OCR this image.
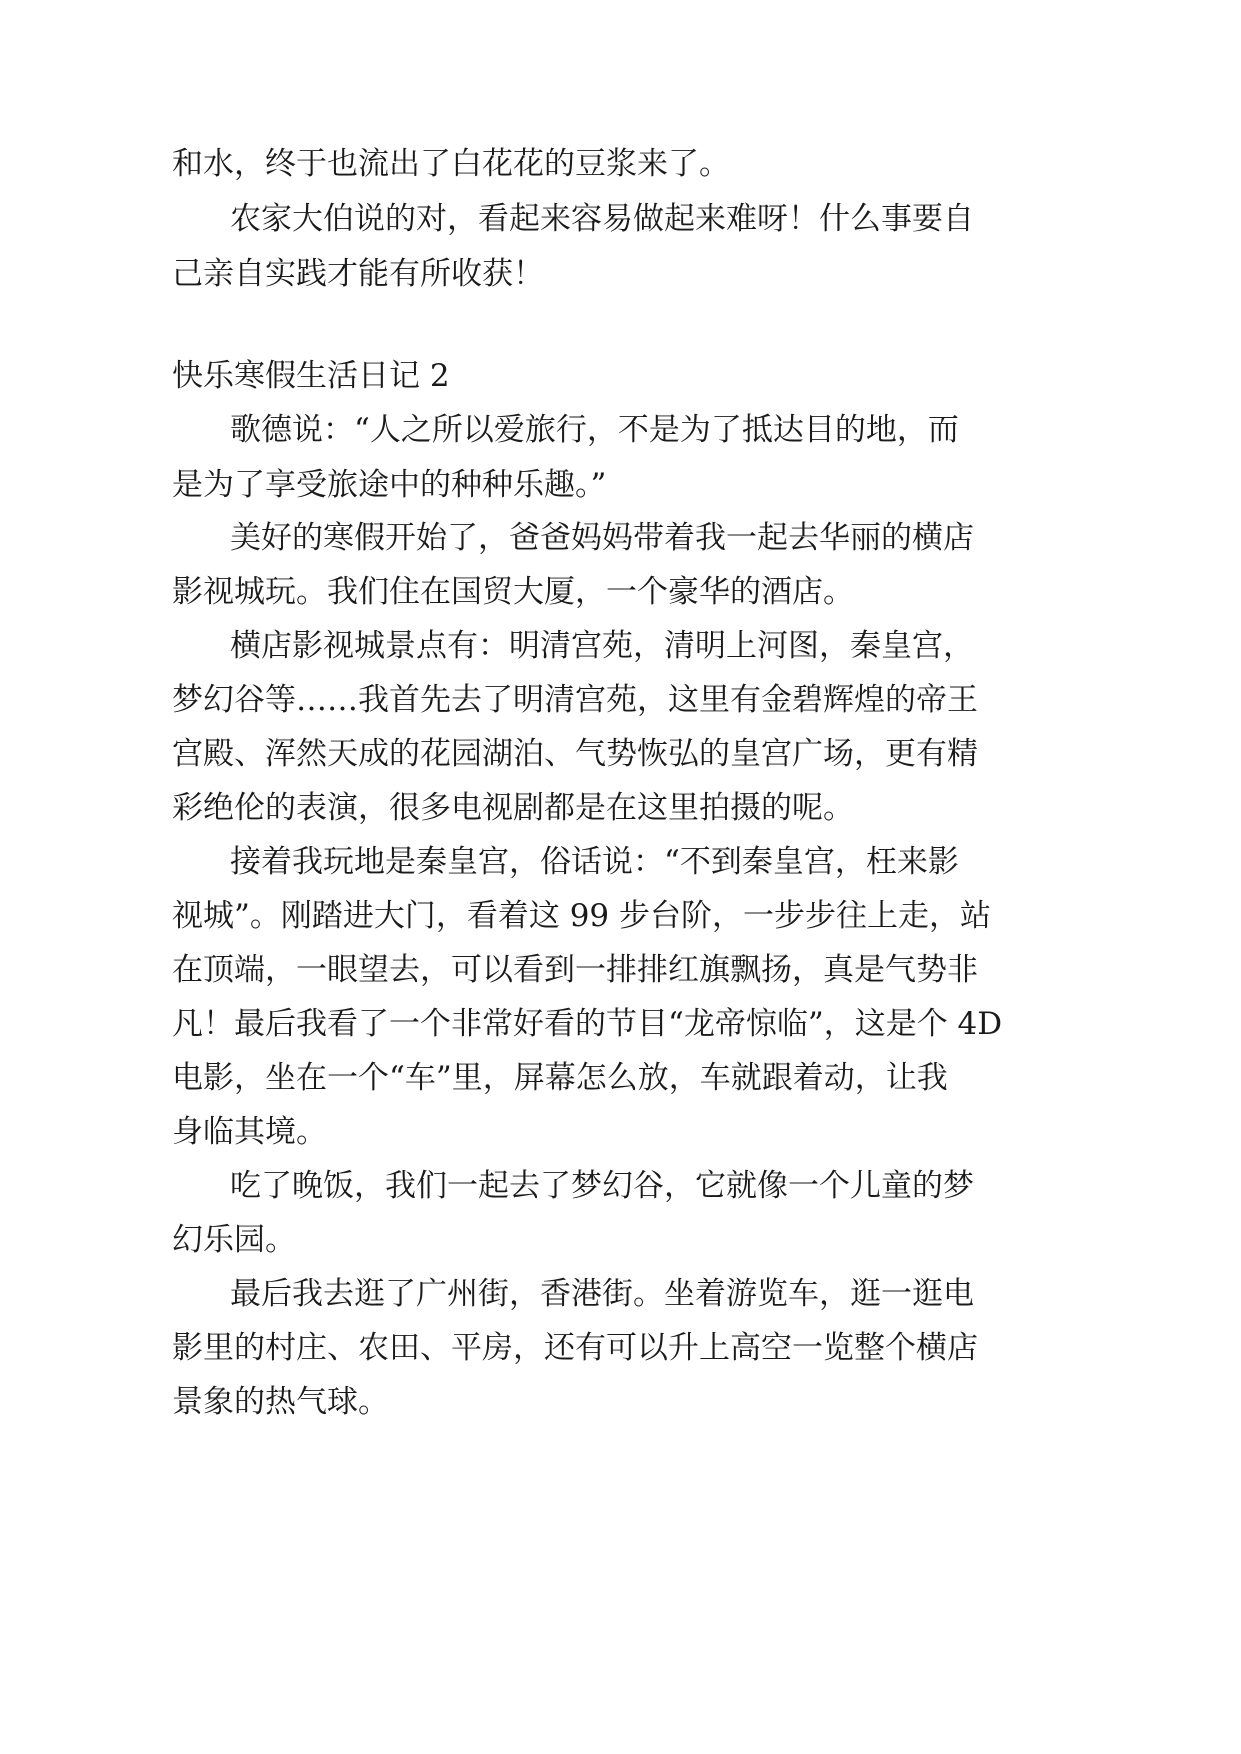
和水，终于也流出了白花花的豆浆来了。
农家大伯说的对，看起来容易做起来难呀！什么事要自
己亲自实践才能有所收获！
快乐寒假生活日记 2
歌德说：“人之所以爱旅行，不是为了抵达目的地，而
是为了享受旅途中的种种乐趣。”
美好的寒假开始了，爸爸妈妈带着我一起去华丽的横店
影视城玩。我们住在国贸大厦，一个豪华的酒店。
横店影视城景点有：明清宫苑，清明上河图，秦皇宫，
梦幻谷等……我首先去了明清宫苑，这里有金碧辉煌的帝王
宫殿、浑然天成的花园湖泊、气势恢弘的皇宫广场，更有精
彩绝伦的表演，很多电视剧都是在这里拍摄的呢。
接着我玩地是秦皇宫，俗话说：“不到秦皇宫，枉来影
视城”。刚踏进大门，看着这 99 步台阶，一步步往上走，站
在顶端，一眼望去，可以看到一排排红旗飘扬，真是气势非
凡！最后我看了一个非常好看的节目“龙帝惊临”，这是个 4D
电影，坐在一个“车”里，屏幕怎么放，车就跟着动，让我
身临其境。
吃了晚饭，我们一起去了梦幻谷，它就像一个儿童的梦
幻乐园。
最后我去逛了广州街，香港街。坐着游览车，逛一逛电
影里的村庄、农田、平房，还有可以升上高空一览整个横店
景象的热气球。
